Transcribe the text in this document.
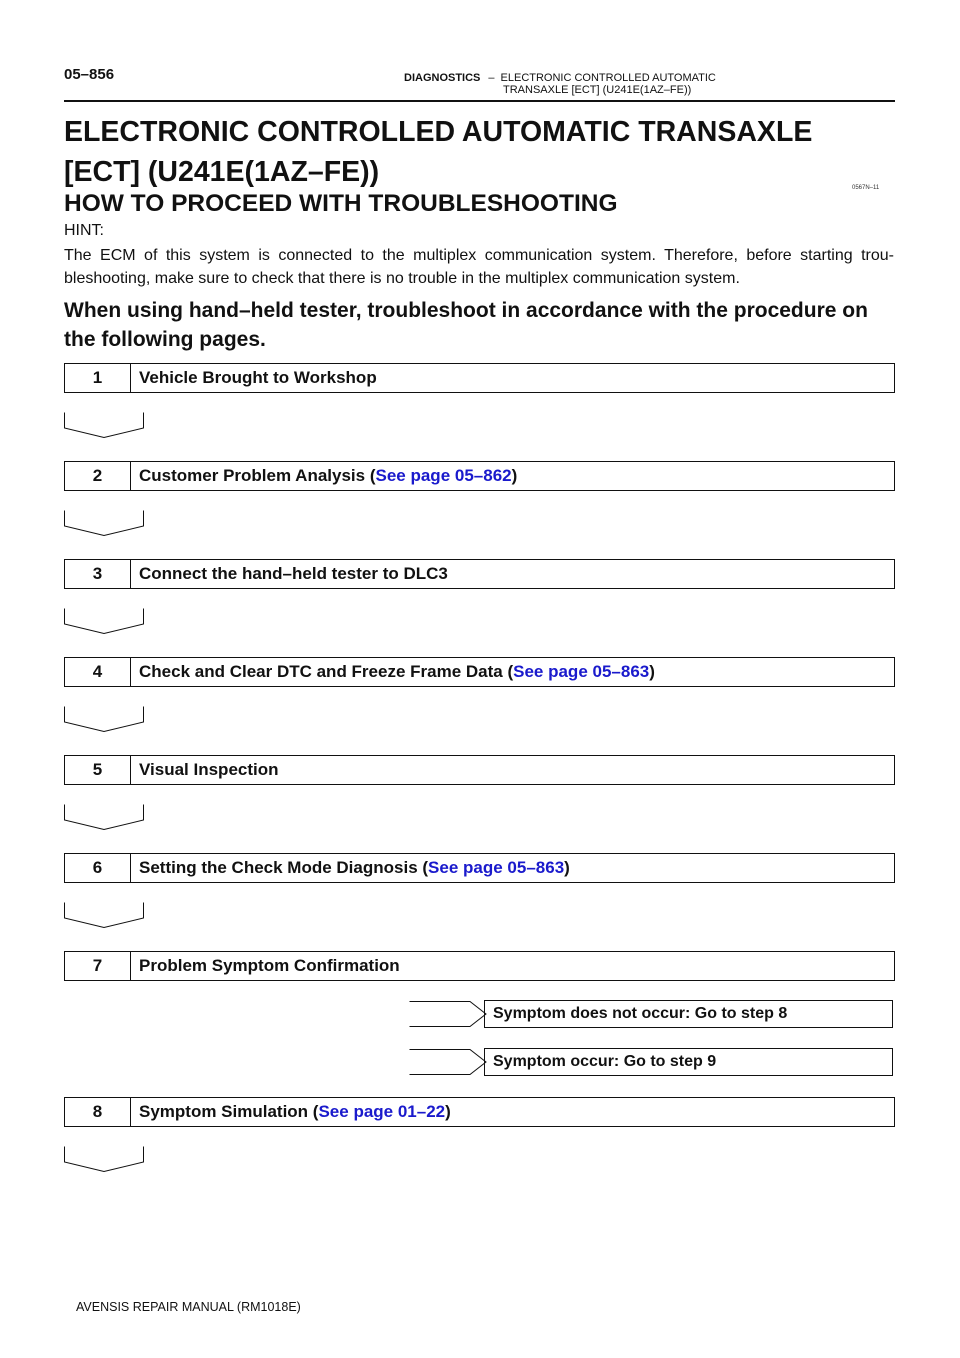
05–856	DIAGNOSTICS – ELECTRONIC CONTROLLED AUTOMATIC
TRANSAXLE [ECT] (U241E(1AZ–FE))
ELECTRONIC CONTROLLED AUTOMATIC TRANSAXLE
[ECT] (U241E(1AZ–FE))	0567N–11
HOW TO PROCEED WITH TROUBLESHOOTING
HINT:
The ECM of this system is connected to the multiplex communication system. Therefore, before starting trou-
bleshooting, make sure to check that there is no trouble in the multiplex communication system.
When using hand–held tester, troubleshoot in accordance with the procedure on the following pages.
1	Vehicle Brought to Workshop
2	Customer Problem Analysis (See page 05–862)
3	Connect the hand–held tester to DLC3
4	Check and Clear DTC and Freeze Frame Data (See page 05–863)
5	Visual Inspection
6	Setting the Check Mode Diagnosis (See page 05–863)
7	Problem Symptom Confirmation
Symptom does not occur: Go to step 8
Symptom occur: Go to step 9
8	Symptom Simulation (See page 01–22)
AVENSIS REPAIR MANUAL (RM1018E)
